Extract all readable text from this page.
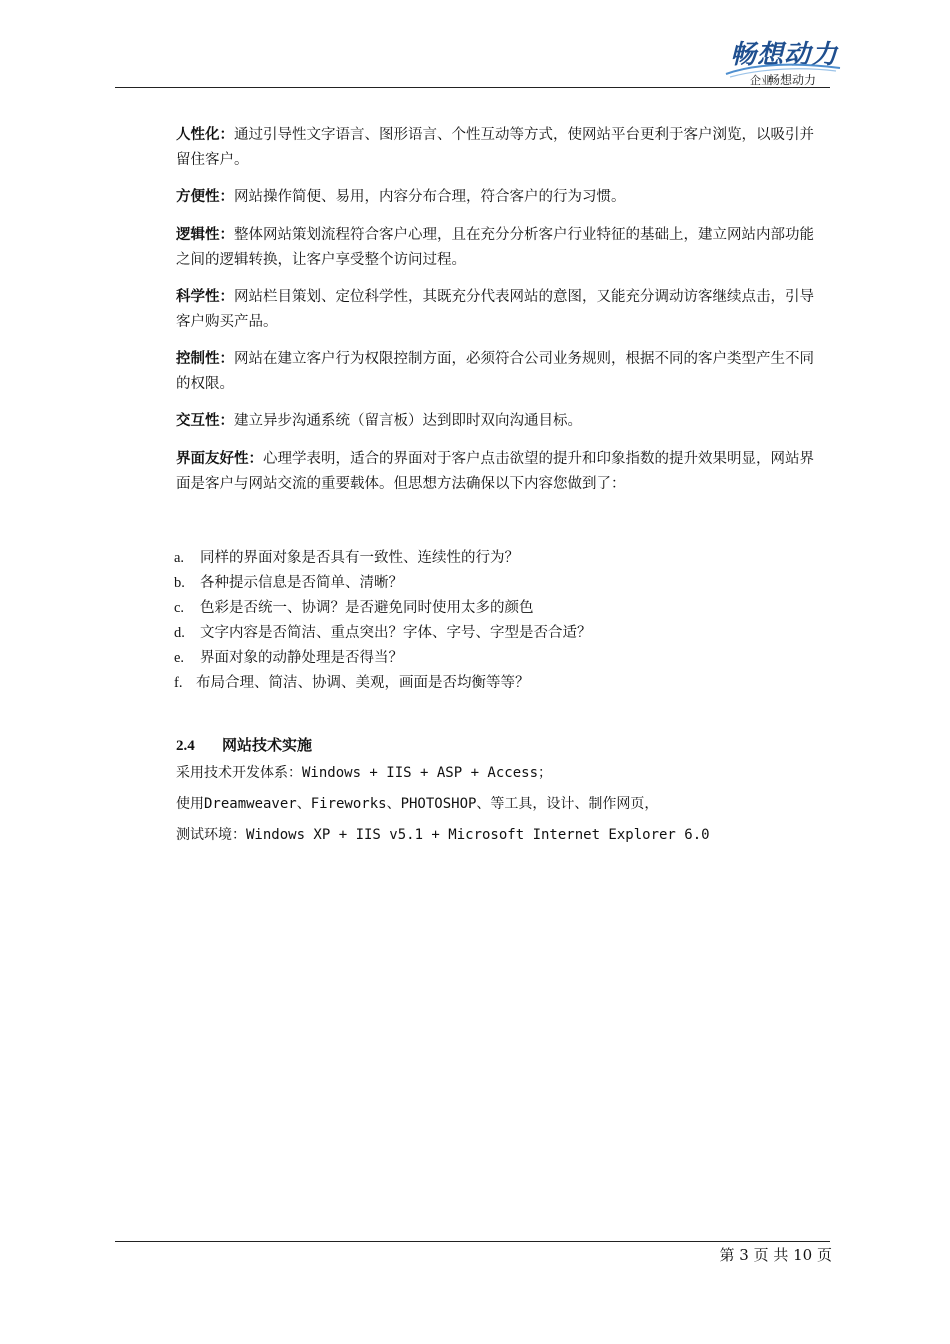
畅想动力
企业
畅想动力

人性化：通过引导性文字语言、图形语言、个性互动等方式，使网站平台更利于客户浏览，以吸引并留住客户。

方便性：网站操作简便、易用，内容分布合理，符合客户的行为习惯。

逻辑性：整体网站策划流程符合客户心理，且在充分分析客户行业特征的基础上，建立网站内部功能之间的逻辑转换，让客户享受整个访问过程。

科学性：网站栏目策划、定位科学性，其既充分代表网站的意图，又能充分调动访客继续点击，引导客户购买产品。

控制性：网站在建立客户行为权限控制方面，必须符合公司业务规则，根据不同的客户类型产生不同的权限。

交互性：建立异步沟通系统（留言板）达到即时双向沟通目标。

界面友好性：心理学表明，适合的界面对于客户点击欲望的提升和印象指数的提升效果明显，网站界面是客户与网站交流的重要载体。但思想方法确保以下内容您做到了：

a. 同样的界面对象是否具有一致性、连续性的行为？
b. 各种提示信息是否简单、清晰？
c. 色彩是否统一、协调？是否避免同时使用太多的颜色
d. 文字内容是否简洁、重点突出？字体、字号、字型是否合适？
e. 界面对象的动静处理是否得当？
f. 布局合理、简洁、协调、美观，画面是否均衡等等？
2.4 网站技术实施
采用技术开发体系：Windows + IIS + ASP + Access；
使用Dreamweaver、Fireworks、PHOTOSHOP、等工具，设计、制作网页，
测试环境：Windows XP + IIS v5.1 + Microsoft Internet Explorer 6.0
第 3 页 共 10 页
